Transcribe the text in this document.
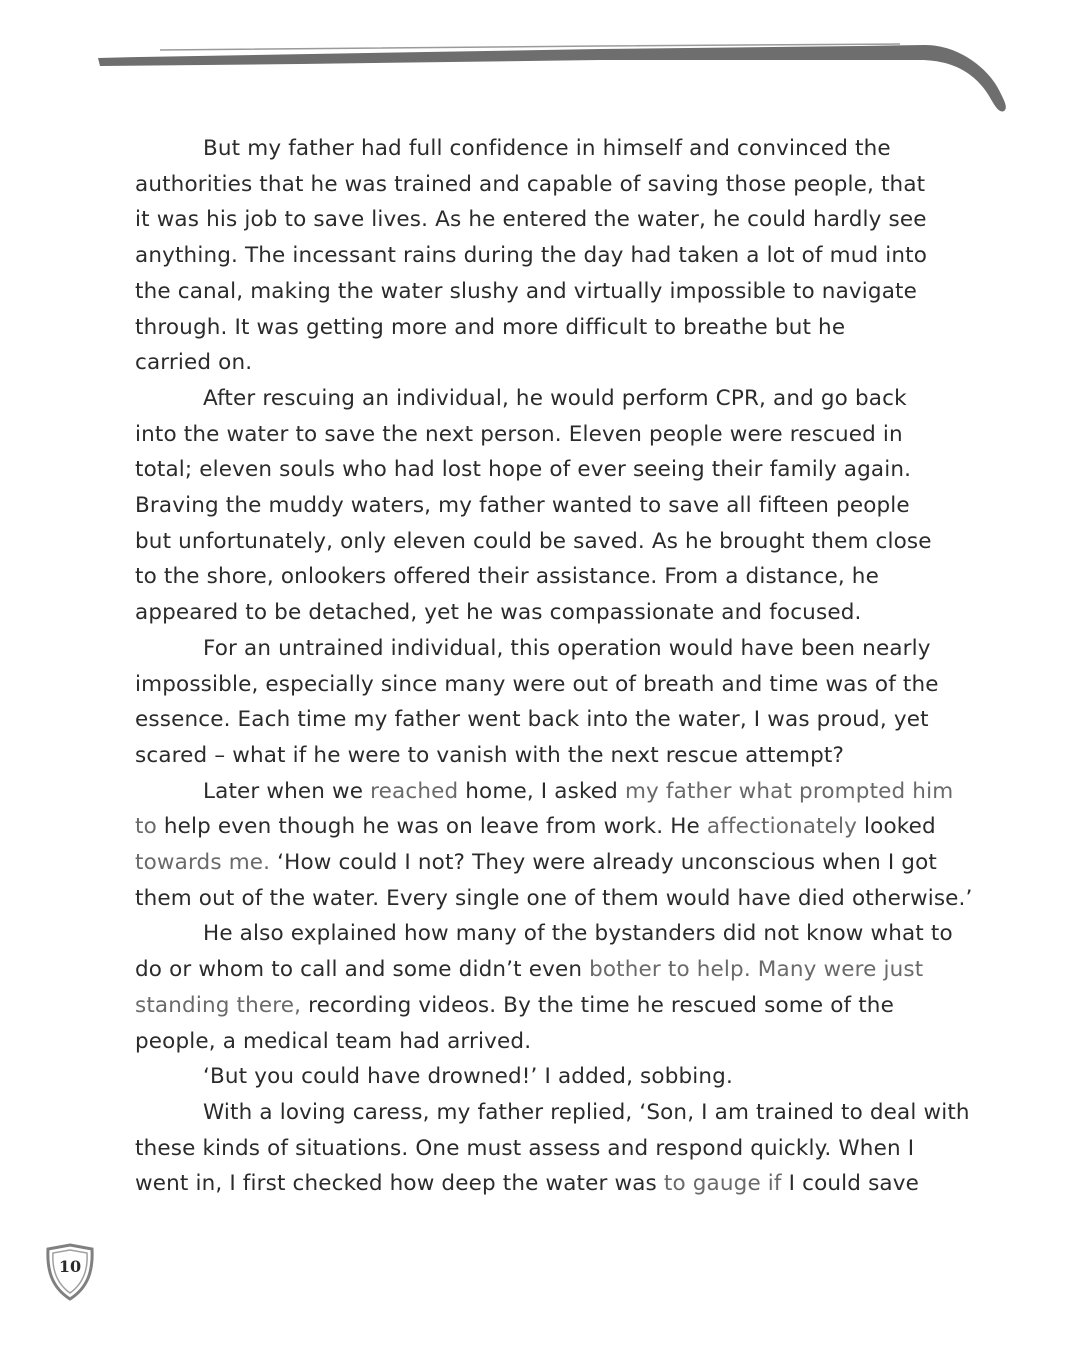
But my father had full confidence in himself and convinced the
authorities that he was trained and capable of saving those people, that
it was his job to save lives. As he entered the water, he could hardly see
anything. The incessant rains during the day had taken a lot of mud into
the canal, making the water slushy and virtually impossible to navigate
through. It was getting more and more difficult to breathe but he
carried on.

After rescuing an individual, he would perform CPR, and go back
into the water to save the next person. Eleven people were rescued in
total; eleven souls who had lost hope of ever seeing their family again.
Braving the muddy waters, my father wanted to save all fifteen people
but unfortunately, only eleven could be saved. As he brought them close
to the shore, onlookers offered their assistance. From a distance, he
appeared to be detached, yet he was compassionate and focused.

For an untrained individual, this operation would have been nearly
impossible, especially since many were out of breath and time was of the
essence. Each time my father went back into the water, I was proud, yet
scared – what if he were to vanish with the next rescue attempt?

Later when we reached home, I asked my father what prompted him
to help even though he was on leave from work. He affectionately looked
towards me. ‘How could I not? They were already unconscious when I got
them out of the water. Every single one of them would have died otherwise.’

He also explained how many of the bystanders did not know what to
do or whom to call and some didn’t even bother to help. Many were just
standing there, recording videos. By the time he rescued some of the
people, a medical team had arrived.

‘But you could have drowned!’ I added, sobbing.

With a loving caress, my father replied, ‘Son, I am trained to deal with
these kinds of situations. One must assess and respond quickly. When I
went in, I first checked how deep the water was to gauge if I could save

10
